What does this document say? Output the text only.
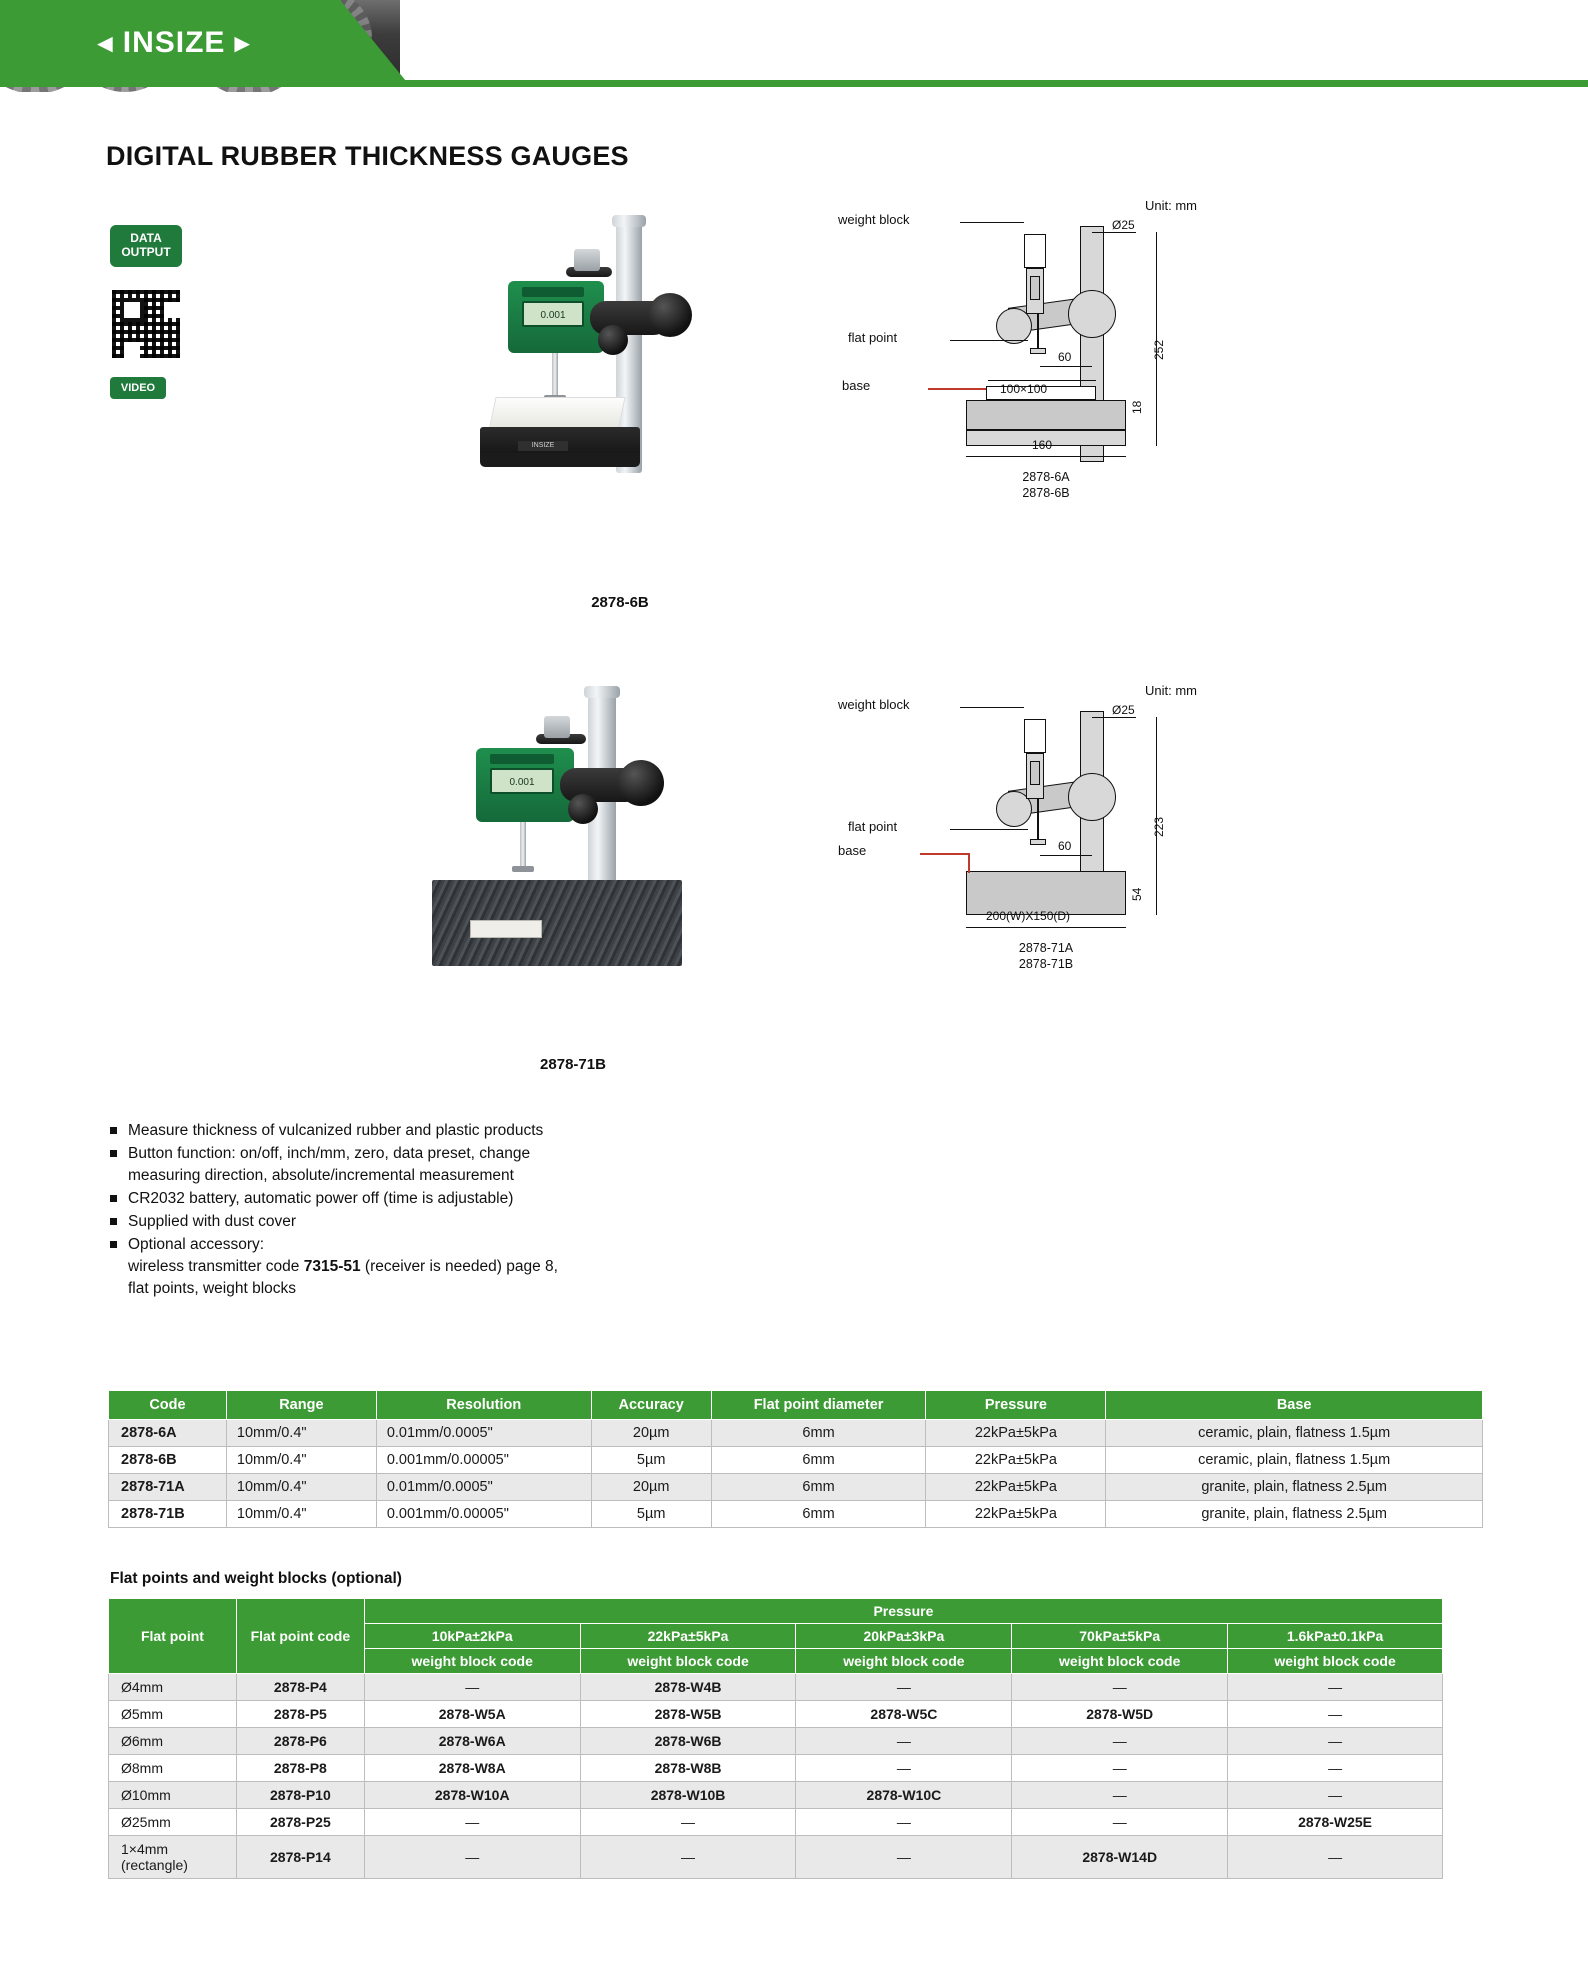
◄ INSIZE ►
DIGITAL RUBBER THICKNESS GAUGES
DATA
OUTPUT
VIDEO
0.001
INSIZE
2878-6B
0.001
2878-71B
Unit: mm
weight block
flat point
base
Ø25
252
60
100×100
18
160
2878-6A
2878-6B
Unit: mm
weight block
flat point
base
Ø25
223
60
54
200(W)X150(D)
2878-71A
2878-71B
Measure thickness of vulcanized rubber and plastic products
Button function: on/off, inch/mm, zero, data preset, change
measuring direction, absolute/incremental measurement
CR2032 battery, automatic power off (time is adjustable)
Supplied with dust cover
Optional accessory:
wireless transmitter code 7315-51 (receiver is needed) page 8,
flat points, weight blocks
Code	Range	Resolution	Accuracy	Flat point diameter	Pressure	Base
2878-6A	10mm/0.4"	0.01mm/0.0005"	20µm	6mm	22kPa±5kPa	ceramic, plain, flatness 1.5µm
2878-6B	10mm/0.4"	0.001mm/0.00005"	5µm	6mm	22kPa±5kPa	ceramic, plain, flatness 1.5µm
2878-71A	10mm/0.4"	0.01mm/0.0005"	20µm	6mm	22kPa±5kPa	granite, plain, flatness 2.5µm
2878-71B	10mm/0.4"	0.001mm/0.00005"	5µm	6mm	22kPa±5kPa	granite, plain, flatness 2.5µm
Flat points and weight blocks (optional)
Flat point	Flat point code	Pressure				
		10kPa±2kPa	22kPa±5kPa	20kPa±3kPa	70kPa±5kPa	1.6kPa±0.1kPa
		weight block code	weight block code	weight block code	weight block code	weight block code
Ø4mm	2878-P4	—	2878-W4B	—	—	—
Ø5mm	2878-P5	2878-W5A	2878-W5B	2878-W5C	2878-W5D	—
Ø6mm	2878-P6	2878-W6A	2878-W6B	—	—	—
Ø8mm	2878-P8	2878-W8A	2878-W8B	—	—	—
Ø10mm	2878-P10	2878-W10A	2878-W10B	2878-W10C	—	—
Ø25mm	2878-P25	—	—	—	—	2878-W25E
1×4mm (rectangle)	2878-P14	—	—	—	2878-W14D	—
